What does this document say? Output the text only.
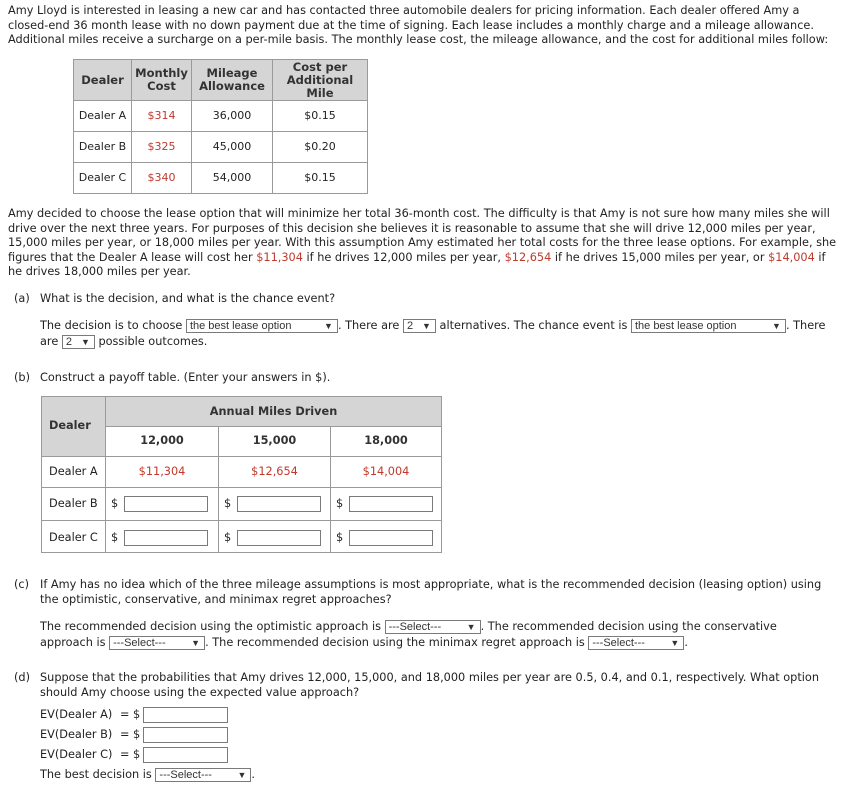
Amy Lloyd is interested in leasing a new car and has contacted three automobile dealers for pricing information. Each dealer offered Amy a closed-end 36 month lease with no down payment due at the time of signing. Each lease includes a monthly charge and a mileage allowance. Additional miles receive a surcharge on a per-mile basis. The monthly lease cost, the mileage allowance, and the cost for additional miles follow:
Dealer	Monthly Cost	Mileage Allowance	Cost per Additional Mile
Dealer A	$314	36,000	$0.15
Dealer B	$325	45,000	$0.20
Dealer C	$340	54,000	$0.15
Amy decided to choose the lease option that will minimize her total 36-month cost. The difficulty is that Amy is not sure how many miles she will drive over the next three years. For purposes of this decision she believes it is reasonable to assume that she will drive 12,000 miles per year, 15,000 miles per year, or 18,000 miles per year. With this assumption Amy estimated her total costs for the three lease options. For example, she figures that the Dealer A lease will cost her $11,304 if he drives 12,000 miles per year, $12,654 if he drives 15,000 miles per year, or $14,004 if he drives 18,000 miles per year.
(a) What is the decision, and what is the chance event?
The decision is to choose the best lease option	▼ . There are 2 ▼ alternatives. The chance event is the best lease option	▼ . There are 2 ▼ possible outcomes.
(b) Construct a payoff table. (Enter your answers in $).
Dealer
Annual Miles Driven
12,000	15,000	18,000
Dealer A	$11,304	$12,654	$14,004
Dealer B $	$	$
Dealer C $	$	$
(c) If Amy has no idea which of the three mileage assumptions is most appropriate, what is the recommended decision (leasing option) using the optimistic, conservative, and minimax regret approaches?
The recommended decision using the optimistic approach is ---Select---	▼ . The recommended decision using the conservative approach is ---Select---	▼ . The recommended decision using the minimax regret approach is ---Select---	▼ .
(d) Suppose that the probabilities that Amy drives 12,000, 15,000, and 18,000 miles per year are 0.5, 0.4, and 0.1, respectively. What option should Amy choose using the expected value approach?
EV(Dealer A) = $
EV(Dealer B) = $
EV(Dealer C) = $
The best decision is ---Select---	▼ .
